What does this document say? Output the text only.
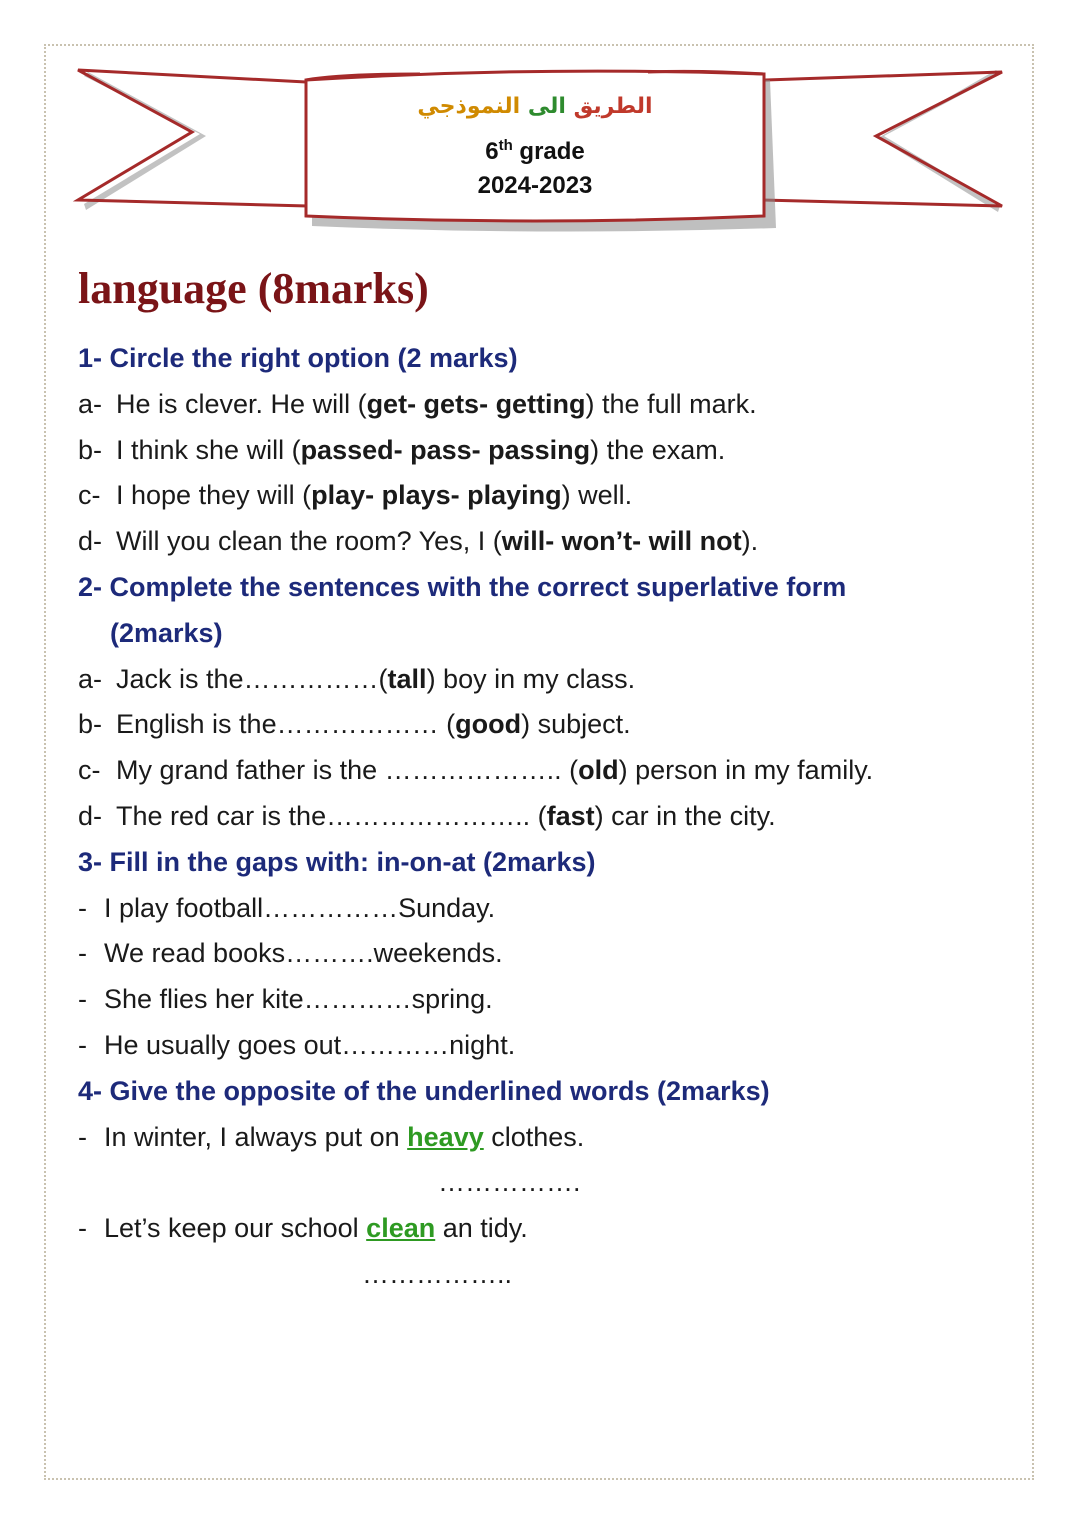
الطريق الى النموذجي
6th grade
2024-2023
language (8marks)
1- Circle the right option (2 marks)
a- He is clever. He will (get- gets- getting) the full mark.
b- I think she will (passed- pass- passing) the exam.
c- I hope they will (play- plays- playing) well.
d- Will you clean the room? Yes, I (will- won’t- will not).
2- Complete the sentences with the correct superlative form
(2marks)
a- Jack is the……………(tall) boy in my class.
b- English is the……………… (good) subject.
c- My grand father is the ……………….. (old) person in my family.
d- The red car is the………………….. (fast) car in the city.
3- Fill in the gaps with: in-on-at (2marks)
- I play football……………Sunday.
- We read books……….weekends.
- She flies her kite…………spring.
- He usually goes out…………night.
4- Give the opposite of the underlined words (2marks)
- In winter, I always put on heavy clothes.
…………….
- Let’s keep our school clean an tidy.
……………..
